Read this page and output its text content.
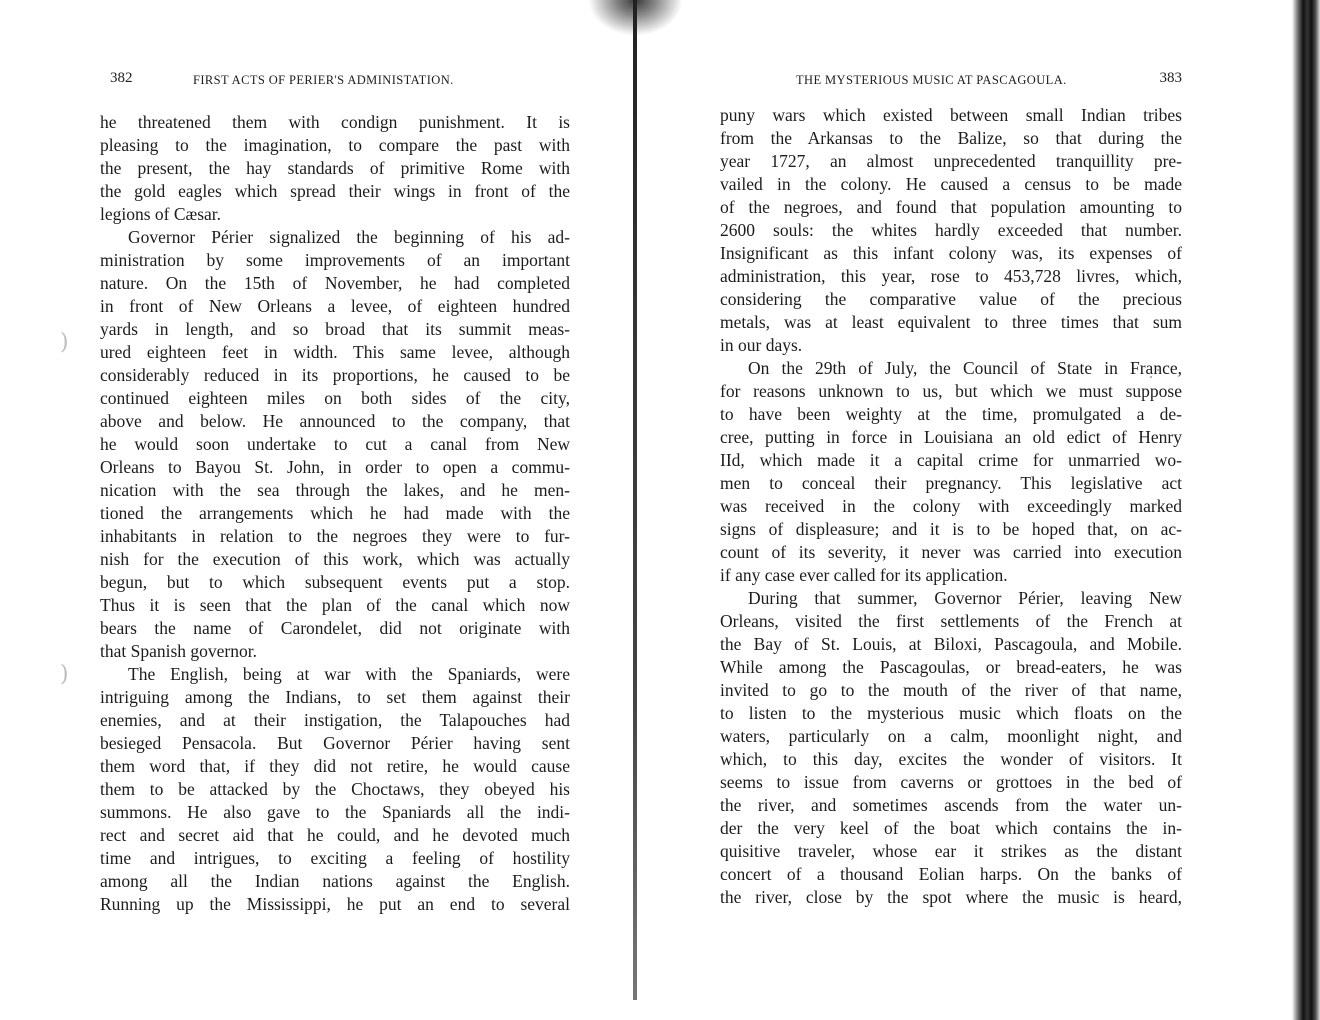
)
)
382	FIRST ACTS OF PERIER'S ADMINISTATION.
he threatened them with condign punishment. It is
pleasing to the imagination, to compare the past with
the present, the hay standards of primitive Rome with
the gold eagles which spread their wings in front of the
legions of Cæsar.
Governor Périer signalized the beginning of his ad-
ministration by some improvements of an important
nature. On the 15th of November, he had completed
in front of New Orleans a levee, of eighteen hundred
yards in length, and so broad that its summit meas-
ured eighteen feet in width. This same levee, although
considerably reduced in its proportions, he caused to be
continued eighteen miles on both sides of the city,
above and below. He announced to the company, that
he would soon undertake to cut a canal from New
Orleans to Bayou St. John, in order to open a commu-
nication with the sea through the lakes, and he men-
tioned the arrangements which he had made with the
inhabitants in relation to the negroes they were to fur-
nish for the execution of this work, which was actually
begun, but to which subsequent events put a stop.
Thus it is seen that the plan of the canal which now
bears the name of Carondelet, did not originate with
that Spanish governor.
The English, being at war with the Spaniards, were
intriguing among the Indians, to set them against their
enemies, and at their instigation, the Talapouches had
besieged Pensacola. But Governor Périer having sent
them word that, if they did not retire, he would cause
them to be attacked by the Choctaws, they obeyed his
summons. He also gave to the Spaniards all the indi-
rect and secret aid that he could, and he devoted much
time and intrigues, to exciting a feeling of hostility
among all the Indian nations against the English.
Running up the Mississippi, he put an end to several
THE MYSTERIOUS MUSIC AT PASCAGOULA.	383
puny wars which existed between small Indian tribes
from the Arkansas to the Balize, so that during the
year 1727, an almost unprecedented tranquillity pre-
vailed in the colony. He caused a census to be made
of the negroes, and found that population amounting to
2600 souls: the whites hardly exceeded that number.
Insignificant as this infant colony was, its expenses of
administration, this year, rose to 453,728 livres, which,
considering the comparative value of the precious
metals, was at least equivalent to three times that sum
in our days.
On the 29th of July, the Council of State in France,
for reasons unknown to us, but which we must suppose
to have been weighty at the time, promulgated a de-
cree, putting in force in Louisiana an old edict of Henry
IId, which made it a capital crime for unmarried wo-
men to conceal their pregnancy. This legislative act
was received in the colony with exceedingly marked
signs of displeasure; and it is to be hoped that, on ac-
count of its severity, it never was carried into execution
if any case ever called for its application.
During that summer, Governor Périer, leaving New
Orleans, visited the first settlements of the French at
the Bay of St. Louis, at Biloxi, Pascagoula, and Mobile.
While among the Pascagoulas, or bread-eaters, he was
invited to go to the mouth of the river of that name,
to listen to the mysterious music which floats on the
waters, particularly on a calm, moonlight night, and
which, to this day, excites the wonder of visitors. It
seems to issue from caverns or grottoes in the bed of
the river, and sometimes ascends from the water un-
der the very keel of the boat which contains the in-
quisitive traveler, whose ear it strikes as the distant
concert of a thousand Eolian harps. On the banks of
the river, close by the spot where the music is heard,
